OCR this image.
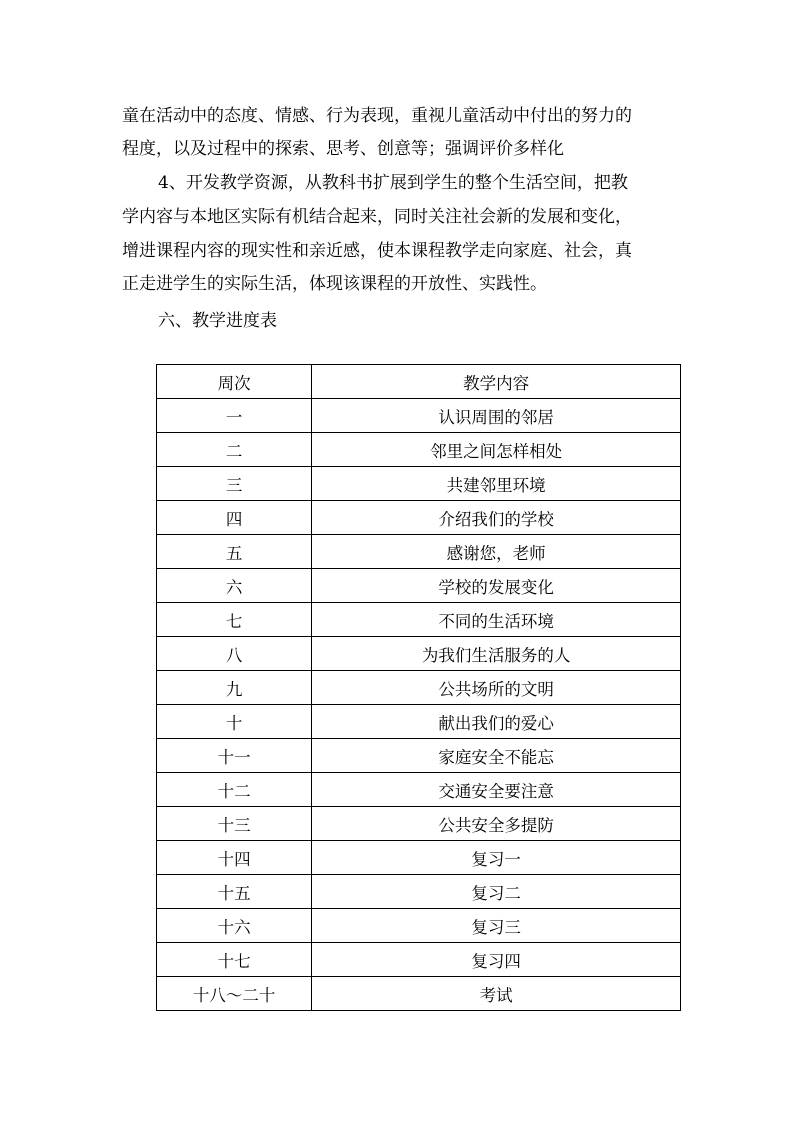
童在活动中的态度、情感、行为表现，重视儿童活动中付出的努力的
程度，以及过程中的探索、思考、创意等；强调评价多样化
4、开发教学资源，从教科书扩展到学生的整个生活空间，把教
学内容与本地区实际有机结合起来，同时关注社会新的发展和变化，
增进课程内容的现实性和亲近感，使本课程教学走向家庭、社会，真
正走进学生的实际生活，体现该课程的开放性、实践性。
六、教学进度表
周次	教学内容
一	认识周围的邻居
二	邻里之间怎样相处
三	共建邻里环境
四	介绍我们的学校
五	感谢您，老师
六	学校的发展变化
七	不同的生活环境
八	为我们生活服务的人
九	公共场所的文明
十	献出我们的爱心
十一	家庭安全不能忘
十二	交通安全要注意
十三	公共安全多提防
十四	复习一
十五	复习二
十六	复习三
十七	复习四
十八～二十	考试
